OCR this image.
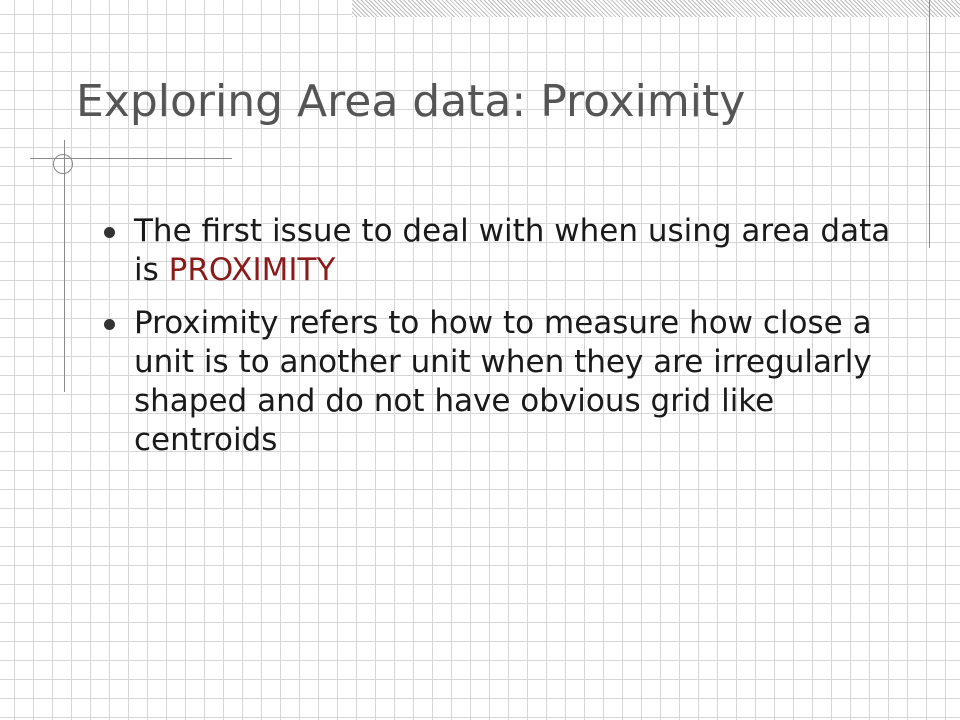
Exploring Area data: Proximity
The first issue to deal with when using area data is PROXIMITY
Proximity refers to how to measure how close a unit is to another unit when they are irregularly shaped and do not have obvious grid like centroids
